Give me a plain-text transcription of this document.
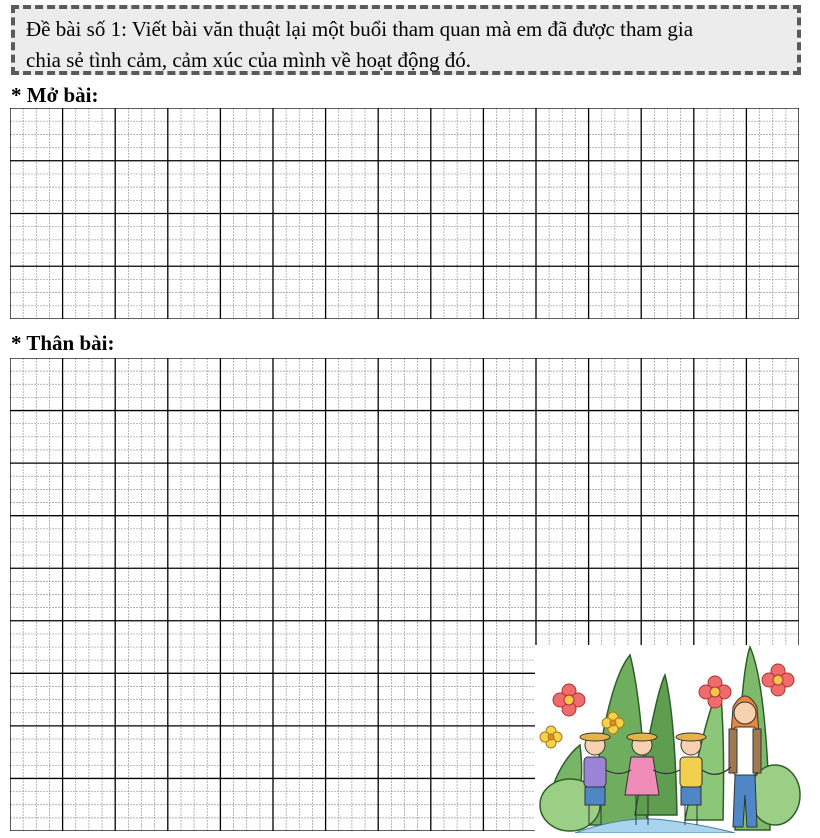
Đề bài số 1: Viết bài văn thuật lại một buổi tham quan mà em đã được tham gia
chia sẻ tình cảm, cảm xúc của mình về hoạt động đó.
* Mở bài:
* Thân bài:
